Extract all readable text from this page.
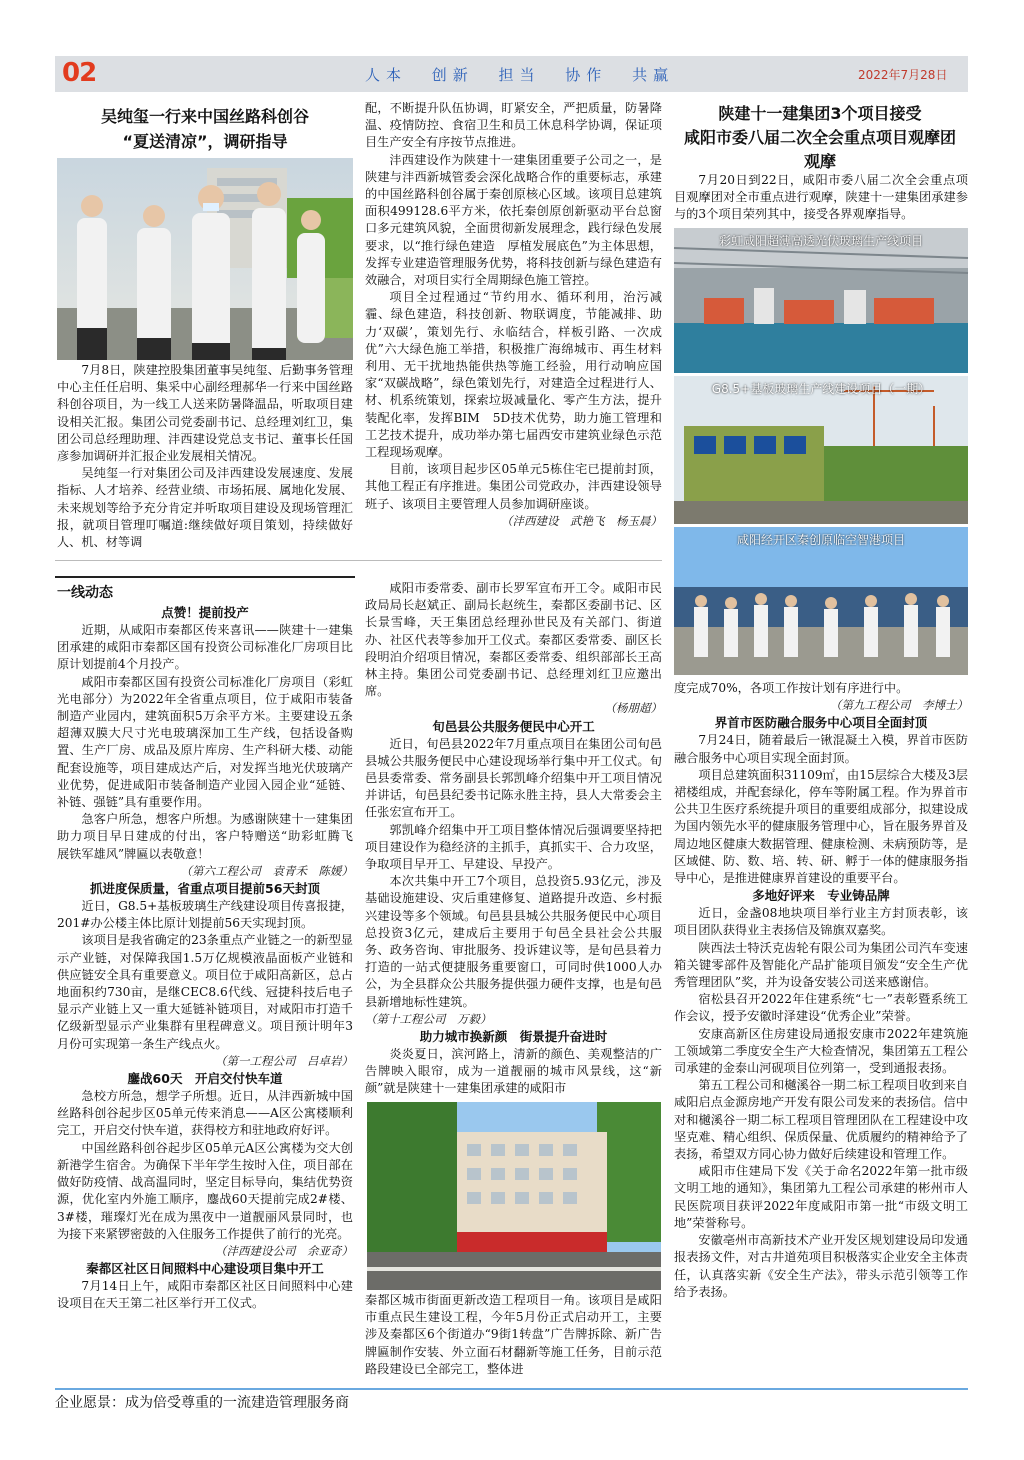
02	人本 创新 担当 协作 共赢	2022年7月28日
吴纯玺一行来中国丝路科创谷
“夏送清凉”，调研指导

7月8日，陕建控股集团董事吴纯玺、后勤事务管理中心主任任启明、集采中心副经理郝华一行来中国丝路科创谷项目，为一线工人送来防暑降温品，听取项目建设相关汇报。集团公司党委副书记、总经理刘红卫，集团公司总经理助理、沣西建设党总支书记、董事长任国彦参加调研并汇报企业发展相关情况。

吴纯玺一行对集团公司及沣西建设发展速度、发展指标、人才培养、经营业绩、市场拓展、属地化发展、未来规划等给予充分肯定并听取项目建设及现场管理汇报，就项目管理叮嘱道:继续做好项目策划，持续做好人、机、材等调

配，不断提升队伍协调，盯紧安全，严把质量，防暑降温、疫情防控、食宿卫生和员工休息科学协调，保证项目生产安全有序按节点推进。

沣西建设作为陕建十一建集团重要子公司之一，是陕建与沣西新城管委会深化战略合作的重要标志，承建的中国丝路科创谷属于秦创原核心区域。该项目总建筑面积499128.6平方米，依托秦创原创新驱动平台总窗口多元建筑风貌，全面贯彻新发展理念，践行绿色发展要求，以“推行绿色建造　厚植发展底色”为主体思想，发挥专业建造管理服务优势，将科技创新与绿色建造有效融合，对项目实行全周期绿色施工管控。

项目全过程通过“节约用水、循环利用，治污减霾、绿色建造，科技创新、物联调度，节能减排、助力‘双碳’，策划先行、永临结合，样板引路、一次成优”六大绿色施工举措，积极推广海绵城市、再生材料利用、无干扰地热能供热等施工经验，用行动响应国家“双碳战略”，绿色策划先行，对建造全过程进行人、材、机系统策划，探索垃圾减量化、零产生方法，提升装配化率，发挥BIM　5D技术优势，助力施工管理和工艺技术提升，成功举办第七届西安市建筑业绿色示范工程现场观摩。

目前，该项目起步区05单元5栋住宅已提前封顶，其他工程正有序推进。集团公司党政办，沣西建设领导班子、该项目主要管理人员参加调研座谈。

（沣西建设　武艳飞　杨玉晨）
陕建十一建集团3个项目接受
咸阳市委八届二次全会重点项目观摩团
观摩

7月20日到22日，咸阳市委八届二次全会重点项目观摩团对全市重点进行观摩，陕建十一建集团承建参与的3个项目荣列其中，接受各界观摩指导。

彩虹咸阳超薄高透光伏玻璃生产线项目
G8.5+基板玻璃生产线建设项目（一期）
咸阳经开区秦创原临空智港项目
一线动态
点赞！提前投产

近期，从咸阳市秦都区传来喜讯——陕建十一建集团承建的咸阳市秦都区国有投资公司标准化厂房项目比原计划提前4个月投产。

咸阳市秦都区国有投资公司标准化厂房项目（彩虹光电部分）为2022年全省重点项目，位于咸阳市装备制造产业园内，建筑面积5万余平方米。主要建设五条超薄双膜大尺寸光电玻璃深加工生产线，包括设备购置、生产厂房、成品及原片库房、生产科研大楼、动能配套设施等，项目建成达产后，对发挥当地光伏玻璃产业优势，促进咸阳市装备制造产业园入园企业“延链、补链、强链”具有重要作用。

急客户所急，想客户所想。为感谢陕建十一建集团助力项目早日建成的付出，客户特赠送“助彩虹腾飞　展铁军雄风”牌匾以表敬意！

（第六工程公司　袁青禾　陈媛）
抓进度保质量，省重点项目提前56天封顶

近日，G8.5+基板玻璃生产线建设项目传喜报捷，201#办公楼主体比原计划提前56天实现封顶。

该项目是我省确定的23条重点产业链之一的新型显示产业链，对保障我国1.5万亿规模液晶面板产业链和供应链安全具有重要意义。项目位于咸阳高新区，总占地面积约730亩，是继CEC8.6代线、冠捷科技后电子显示产业链上又一重大延链补链项目，对咸阳市打造千亿级新型显示产业集群有里程碑意义。项目预计明年3月份可实现第一条生产线点火。

（第一工程公司　吕卓岩）
鏖战60天　开启交付快车道

急校方所急，想学子所想。近日，从沣西新城中国丝路科创谷起步区05单元传来消息——A区公寓楼顺利完工，开启交付快车道，获得校方和驻地政府好评。

中国丝路科创谷起步区05单元A区公寓楼为交大创新港学生宿舍。为确保下半年学生按时入住，项目部在做好防疫情、战高温同时，坚定目标导向，集结优势资源，优化室内外施工顺序，鏖战60天提前完成2#楼、3#楼，璀璨灯光在成为黑夜中一道靓丽风景同时，也为接下来紧锣密鼓的入住服务工作提供了前行的光亮。

（沣西建设公司　余亚奇）
秦都区社区日间照料中心建设项目集中开工

7月14日上午，咸阳市秦都区社区日间照料中心建设项目在天王第二社区举行开工仪式。

咸阳市委常委、副市长罗军宣布开工令。咸阳市民政局局长赵斌正、副局长赵统生，秦都区委副书记、区长景雪峰，天王集团总经理孙世民及有关部门、街道办、社区代表等参加开工仪式。秦都区委常委、副区长段明泊介绍项目情况，秦都区委常委、组织部部长王高林主持。集团公司党委副书记、总经理刘红卫应邀出席。

（杨朋超）
旬邑县公共服务便民中心开工

近日，旬邑县2022年7月重点项目在集团公司旬邑县城公共服务便民中心建设现场举行集中开工仪式。旬邑县委常委、常务副县长郭凯峰介绍集中开工项目情况并讲话，旬邑县纪委书记陈永胜主持，县人大常委会主任张宏宣布开工。

郭凯峰介绍集中开工项目整体情况后强调要坚持把项目建设作为稳经济的主抓手，真抓实干、合力攻坚，争取项目早开工、早建设、早投产。

本次共集中开工7个项目，总投资5.93亿元，涉及基础设施建设、灾后重建修复、道路提升改造、乡村振兴建设等多个领域。旬邑县县城公共服务便民中心项目总投资3亿元，建成后主要用于旬邑全县社会公共服务、政务咨询、审批服务、投诉建议等，是旬邑县着力打造的一站式便捷服务重要窗口，可同时供1000人办公，为全县群众公共服务提供强力硬件支撑，也是旬邑县新增地标性建筑。

（第十工程公司　万毅）
助力城市换新颜　街景提升奋进时

炎炎夏日，滨河路上，清新的颜色、美观整洁的广告牌映入眼帘，成为一道靓丽的城市风景线，这“新颜”就是陕建十一建集团承建的咸阳市

秦都区城市街面更新改造工程项目一角。该项目是咸阳市重点民生建设工程，今年5月份正式启动开工，主要涉及秦都区6个街道办“9街1转盘”广告牌拆除、新广告牌匾制作安装、外立面石材翻新等施工任务，目前示范路段建设已全部完工，整体进

度完成70%，各项工作按计划有序进行中。

（第九工程公司　李博士）
界首市医防融合服务中心项目全面封顶

7月24日，随着最后一锹混凝土入模，界首市医防融合服务中心项目实现全面封顶。

项目总建筑面积31109㎡，由15层综合大楼及3层裙楼组成，并配套绿化，停车等附属工程。作为界首市公共卫生医疗系统提升项目的重要组成部分，拟建设成为国内领先水平的健康服务管理中心，旨在服务界首及周边地区健康大数据管理、健康检测、未病预防等，是区域健、防、数、培、转、研、孵于一体的健康服务指导中心，是推进健康界首建设的重要平台。

多地好评来　专业铸品牌

近日，金盏08地块项目举行业主方封顶表彰，该项目团队获得业主表扬信及锦旗双嘉奖。

陕西法士特沃克齿轮有限公司为集团公司汽车变速箱关键零部件及智能化产品扩能项目颁发“安全生产优秀管理团队”奖，并为设备安装公司送来感谢信。

宿松县召开2022年住建系统“七一”表彰暨系统工作会议，授予安徽时泽建设“优秀企业”荣誉。

安康高新区住房建设局通报安康市2022年建筑施工领域第二季度安全生产大检查情况，集团第五工程公司承建的金泰山河砚项目位列第一，受到通报表扬。

第五工程公司和樾溪谷一期二标工程项目收到来自咸阳启点金源房地产开发有限公司发来的表扬信。信中对和樾溪谷一期二标工程项目管理团队在工程建设中攻坚克难、精心组织、保质保量、优质履约的精神给予了表扬，希望双方同心协力做好后续建设和管理工作。

咸阳市住建局下发《关于命名2022年第一批市级文明工地的通知》，集团第九工程公司承建的彬州市人民医院项目获评2022年度咸阳市第一批“市级文明工地”荣誉称号。

安徽亳州市高新技术产业开发区规划建设局印发通报表扬文件，对古井道苑项目积极落实企业安全主体责任，认真落实新《安全生产法》，带头示范引领等工作给予表扬。

企业愿景：成为倍受尊重的一流建造管理服务商
